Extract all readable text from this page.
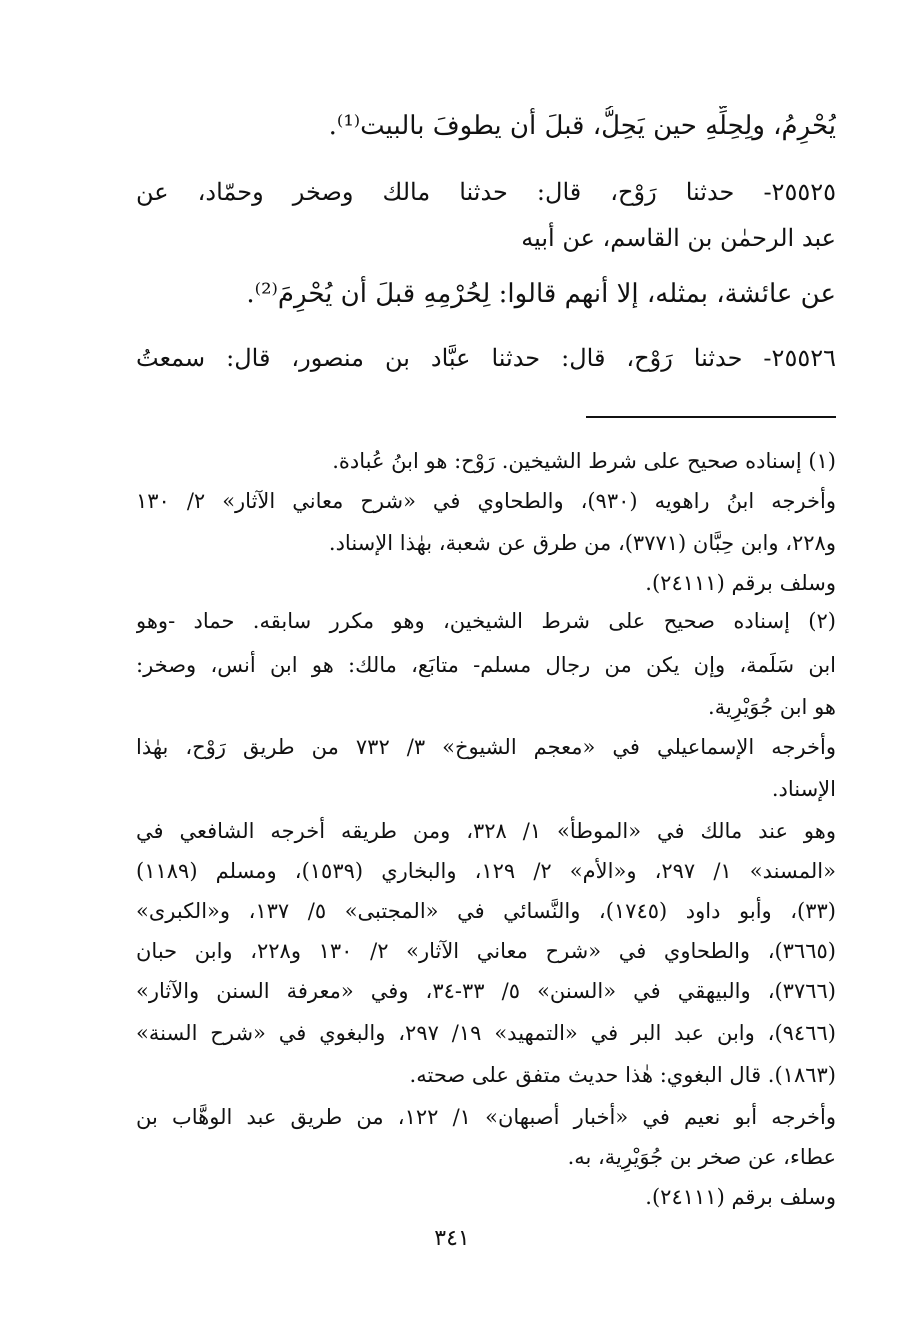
يُحْرِمُ، ولِحِلِّهِ حين يَحِلُّ، قبلَ أن يطوفَ بالبيت⁽¹⁾.
٢٥٥٢٥- حدثنا رَوْح، قال: حدثنا مالك وصخر وحمّاد، عن
عبد الرحمٰن بن القاسم، عن أبيه
عن عائشة، بمثله، إلا أنهم قالوا: لِحُرْمِهِ قبلَ أن يُحْرِمَ⁽²⁾.
٢٥٥٢٦- حدثنا رَوْح، قال: حدثنا عبَّاد بن منصور، قال: سمعتُ
(١) إسناده صحيح على شرط الشيخين. رَوْح: هو ابنُ عُبادة.
وأخرجه ابنُ راهويه (٩٣٠)، والطحاوي في «شرح معاني الآثار» ٢/ ١٣٠
و٢٢٨، وابن حِبَّان (٣٧٧١)، من طرق عن شعبة، بهٰذا الإسناد.
وسلف برقم (٢٤١١١).
(٢) إسناده صحيح على شرط الشيخين، وهو مكرر سابقه. حماد -وهو
ابن سَلَمة، وإن يكن من رجال مسلم- متابَع، مالك: هو ابن أنس، وصخر:
هو ابن جُوَيْرِية.
وأخرجه الإسماعيلي في «معجم الشيوخ» ٣/ ٧٣٢ من طريق رَوْح، بهٰذا
الإسناد.
وهو عند مالك في «الموطأ» ١/ ٣٢٨، ومن طريقه أخرجه الشافعي في
«المسند» ١/ ٢٩٧، و«الأم» ٢/ ١٢٩، والبخاري (١٥٣٩)، ومسلم (١١٨٩)
(٣٣)، وأبو داود (١٧٤٥)، والنَّسائي في «المجتبى» ٥/ ١٣٧، و«الكبرى»
(٣٦٦٥)، والطحاوي في «شرح معاني الآثار» ٢/ ١٣٠ و٢٢٨، وابن حبان
(٣٧٦٦)، والبيهقي في «السنن» ٥/ ٣٣-٣٤، وفي «معرفة السنن والآثار»
(٩٤٦٦)، وابن عبد البر في «التمهيد» ١٩/ ٢٩٧، والبغوي في «شرح السنة»
(١٨٦٣). قال البغوي: هٰذا حديث متفق على صحته.
وأخرجه أبو نعيم في «أخبار أصبهان» ١/ ١٢٢، من طريق عبد الوهَّاب بن
عطاء، عن صخر بن جُوَيْرِية، به.
وسلف برقم (٢٤١١١).
٣٤١
